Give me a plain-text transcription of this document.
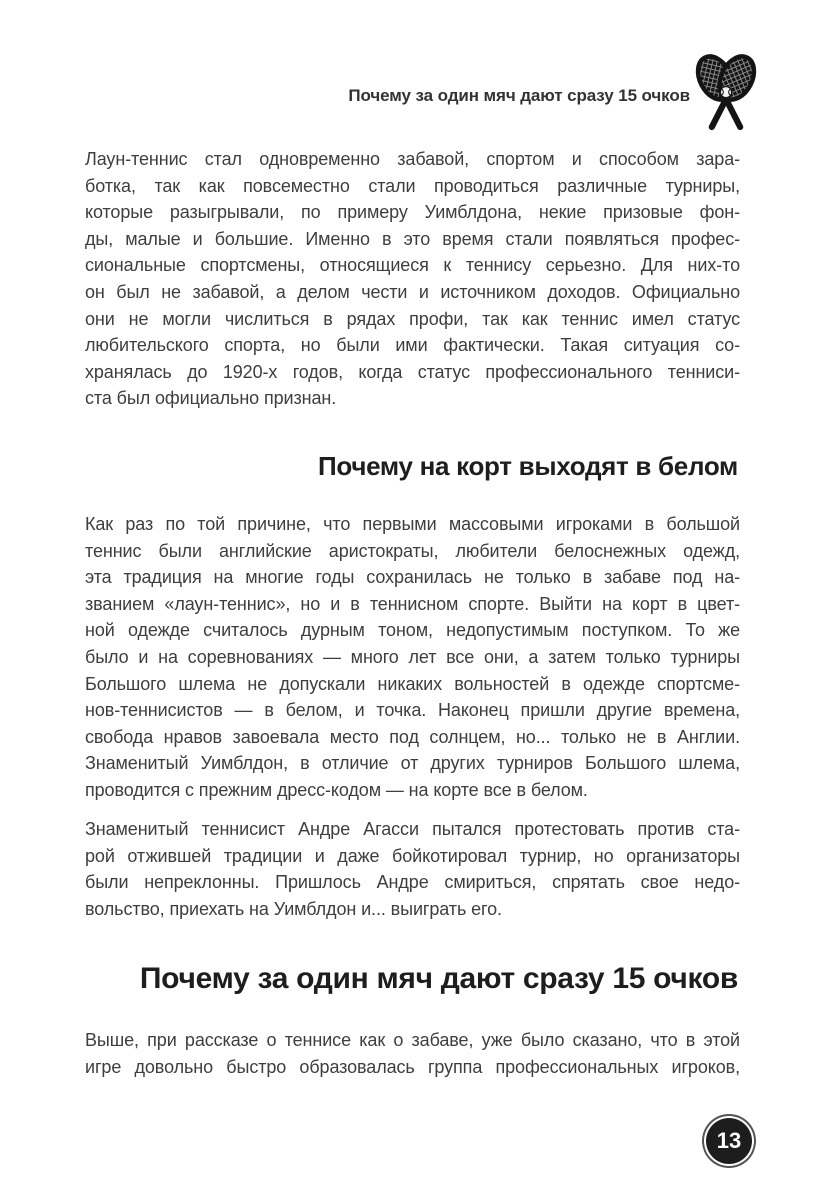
Почему за один мяч дают сразу 15 очков
Лаун-теннис стал одновременно забавой, спортом и способом зара-
ботка, так как повсеместно стали проводиться различные турниры,
которые разыгрывали, по примеру Уимблдона, некие призовые фон-
ды, малые и большие. Именно в это время стали появляться профес-
сиональные спортсмены, относящиеся к теннису серьезно. Для них-то
он был не забавой, а делом чести и источником доходов. Официально
они не могли числиться в рядах профи, так как теннис имел статус
любительского спорта, но были ими фактически. Такая ситуация со-
хранялась до 1920-х годов, когда статус профессионального тенниси-
ста был официально признан.
Почему на корт выходят в белом
Как раз по той причине, что первыми массовыми игроками в большой
теннис были английские аристократы, любители белоснежных одежд,
эта традиция на многие годы сохранилась не только в забаве под на-
званием «лаун-теннис», но и в теннисном спорте. Выйти на корт в цвет-
ной одежде считалось дурным тоном, недопустимым поступком. То же
было и на соревнованиях — много лет все они, а затем только турниры
Большого шлема не допускали никаких вольностей в одежде спортсме-
нов-теннисистов — в белом, и точка. Наконец пришли другие времена,
свобода нравов завоевала место под солнцем, но... только не в Англии.
Знаменитый Уимблдон, в отличие от других турниров Большого шлема,
проводится с прежним дресс-кодом — на корте все в белом.
Знаменитый теннисист Андре Агасси пытался протестовать против ста-
рой отжившей традиции и даже бойкотировал турнир, но организаторы
были непреклонны. Пришлось Андре смириться, спрятать свое недо-
вольство, приехать на Уимблдон и... выиграть его.
Почему за один мяч дают сразу 15 очков
Выше, при рассказе о теннисе как о забаве, уже было сказано, что в этой
игре довольно быстро образовалась группа профессиональных игроков,
13
